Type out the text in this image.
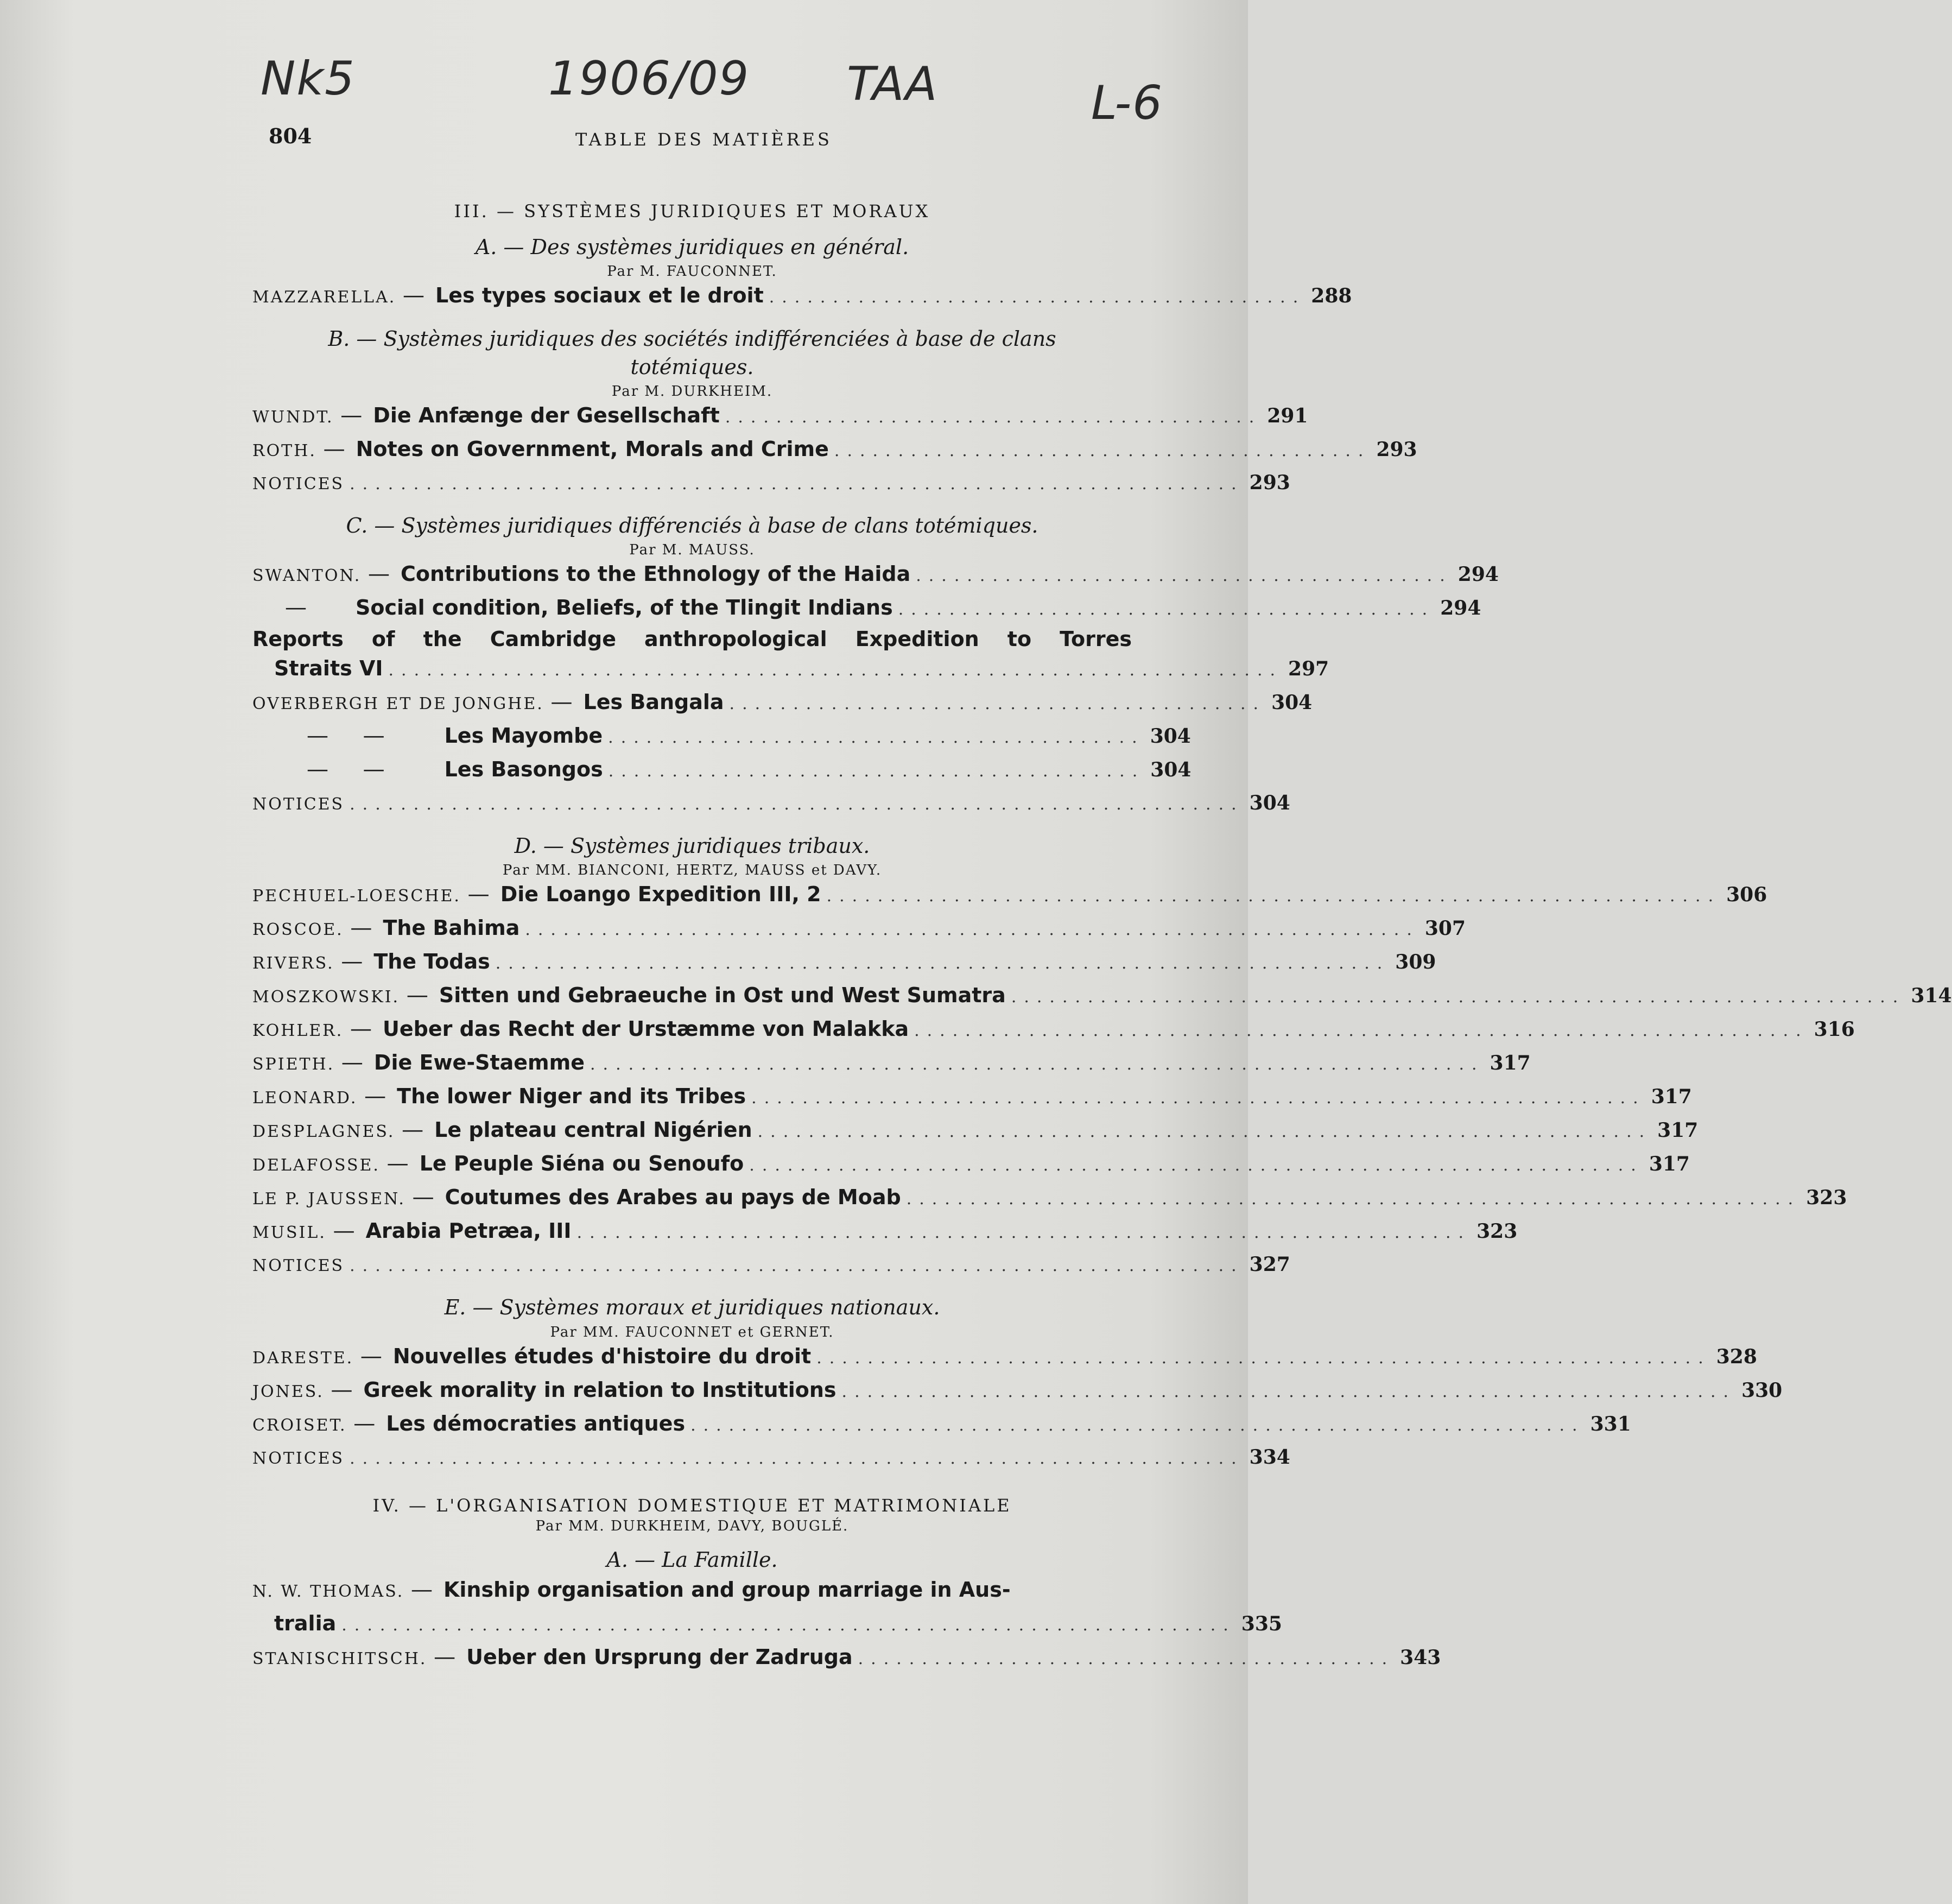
Nk5	1906/09 TAA	L-6
804	TABLE DES MATIÈRES

III. — SYSTÈMES JURIDIQUES ET MORAUX

A. — Des systèmes juridiques en général.

Par M. FAUCONNET.

MAZZARELLA. — Les types sociaux et le droit .......................................... 288

B. — Systèmes juridiques des sociétés indifférenciées à base de clans

totémiques.

Par M. DURKHEIM.

WUNDT. — Die Anfænge der Gesellschaft .......................................... 291
ROTH. — Notes on Government, Morals and Crime .......................................... 293
NOTICES ...................................................................... 293

C. — Systèmes juridiques différenciés à base de clans totémiques.

Par M. MAUSS.

SWANTON. — Contributions to the Ethnology of the Haida .......................................... 294
—	Social condition, Beliefs, of the Tlingit Indians .......................................... 294
Reports of the Cambridge anthropological Expedition to Torres
Straits VI ...................................................................... 297
OVERBERGH ET DE JONGHE. — Les Bangala .......................................... 304
—     —	Les Mayombe .......................................... 304
—     —	Les Basongos .......................................... 304
NOTICES ...................................................................... 304

D. — Systèmes juridiques tribaux.

Par MM. BIANCONI, HERTZ, MAUSS et DAVY.

PECHUEL-LOESCHE. — Die Loango Expedition III, 2 ...................................................................... 306
ROSCOE. — The Bahima ...................................................................... 307
RIVERS. — The Todas ...................................................................... 309
MOSZKOWSKI. — Sitten und Gebraeuche in Ost und West Sumatra ...................................................................... 314
KOHLER. — Ueber das Recht der Urstæmme von Malakka ...................................................................... 316
SPIETH. — Die Ewe-Staemme ...................................................................... 317
LEONARD. — The lower Niger and its Tribes ...................................................................... 317
DESPLAGNES. — Le plateau central Nigérien ...................................................................... 317
DELAFOSSE. — Le Peuple Siéna ou Senoufo ...................................................................... 317
LE P. JAUSSEN. — Coutumes des Arabes au pays de Moab ...................................................................... 323
MUSIL. — Arabia Petræa, III ...................................................................... 323
NOTICES ...................................................................... 327

E. — Systèmes moraux et juridiques nationaux.

Par MM. FAUCONNET et GERNET.

DARESTE. — Nouvelles études d'histoire du droit ...................................................................... 328
JONES. — Greek morality in relation to Institutions ...................................................................... 330
CROISET. — Les démocraties antiques ...................................................................... 331
NOTICES ...................................................................... 334

IV. — L'ORGANISATION DOMESTIQUE ET MATRIMONIALE

Par MM. DURKHEIM, DAVY, BOUGLÉ.

A. — La Famille.

N. W. THOMAS. — Kinship organisation and group marriage in Aus-
tralia ...................................................................... 335
STANISCHITSCH. — Ueber den Ursprung der Zadruga .......................................... 343
